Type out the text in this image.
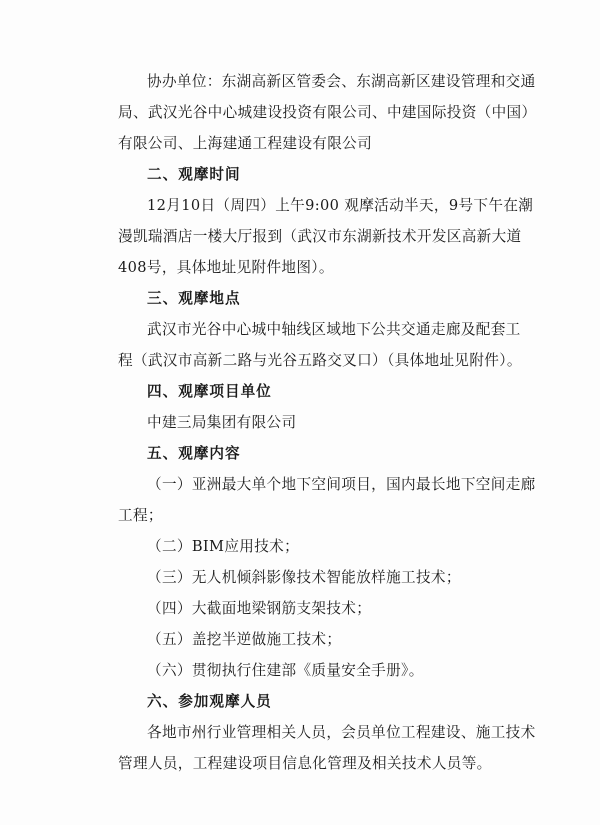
协办单位：东湖高新区管委会、东湖高新区建设管理和交通

局、武汉光谷中心城建设投资有限公司、中建国际投资（中国）

有限公司、上海建通工程建设有限公司

二、观摩时间

12月10日（周四）上午9:00 观摩活动半天，9号下午在潮

漫凯瑞酒店一楼大厅报到（武汉市东湖新技术开发区高新大道

408号，具体地址见附件地图）。

三、观摩地点

武汉市光谷中心城中轴线区域地下公共交通走廊及配套工

程（武汉市高新二路与光谷五路交叉口）（具体地址见附件）。

四、观摩项目单位

中建三局集团有限公司

五、观摩内容

（一）亚洲最大单个地下空间项目，国内最长地下空间走廊

工程；

（二）BIM应用技术；

（三）无人机倾斜影像技术智能放样施工技术；

（四）大截面地梁钢筋支架技术；

（五）盖挖半逆做施工技术；

（六）贯彻执行住建部《质量安全手册》。

六、参加观摩人员

各地市州行业管理相关人员，会员单位工程建设、施工技术

管理人员，工程建设项目信息化管理及相关技术人员等。
